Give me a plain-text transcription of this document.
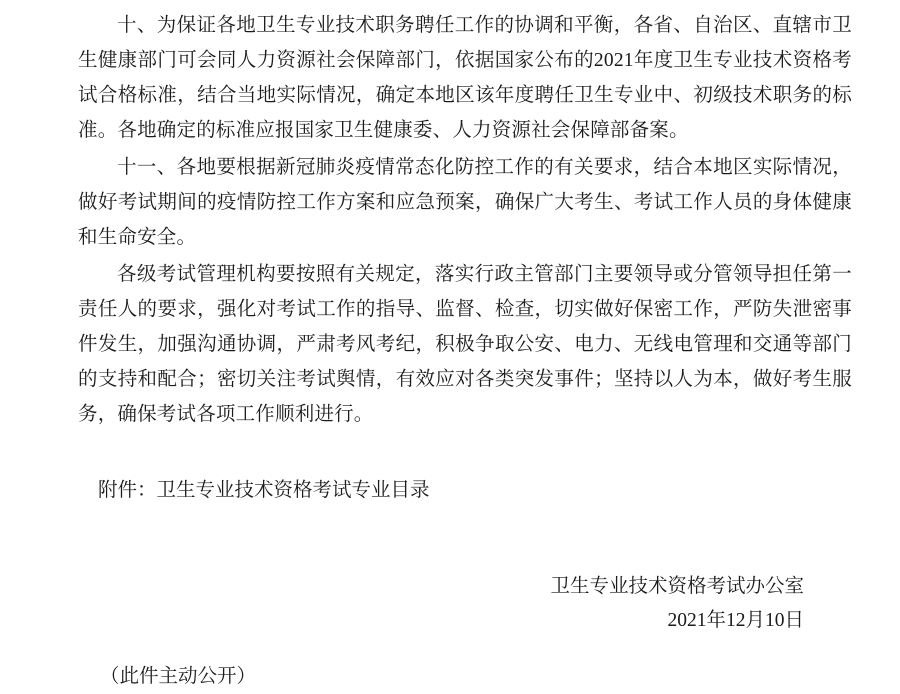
十、为保证各地卫生专业技术职务聘任工作的协调和平衡，各省、自治区、直辖市卫生健康部门可会同人力资源社会保障部门，依据国家公布的2021年度卫生专业技术资格考试合格标准，结合当地实际情况，确定本地区该年度聘任卫生专业中、初级技术职务的标准。各地确定的标准应报国家卫生健康委、人力资源社会保障部备案。

十一、各地要根据新冠肺炎疫情常态化防控工作的有关要求，结合本地区实际情况，做好考试期间的疫情防控工作方案和应急预案，确保广大考生、考试工作人员的身体健康和生命安全。

各级考试管理机构要按照有关规定，落实行政主管部门主要领导或分管领导担任第一责任人的要求，强化对考试工作的指导、监督、检查，切实做好保密工作，严防失泄密事件发生，加强沟通协调，严肃考风考纪，积极争取公安、电力、无线电管理和交通等部门的支持和配合；密切关注考试舆情，有效应对各类突发事件；坚持以人为本，做好考生服务，确保考试各项工作顺利进行。

附件：卫生专业技术资格考试专业目录

卫生专业技术资格考试办公室

2021年12月10日

（此件主动公开）
